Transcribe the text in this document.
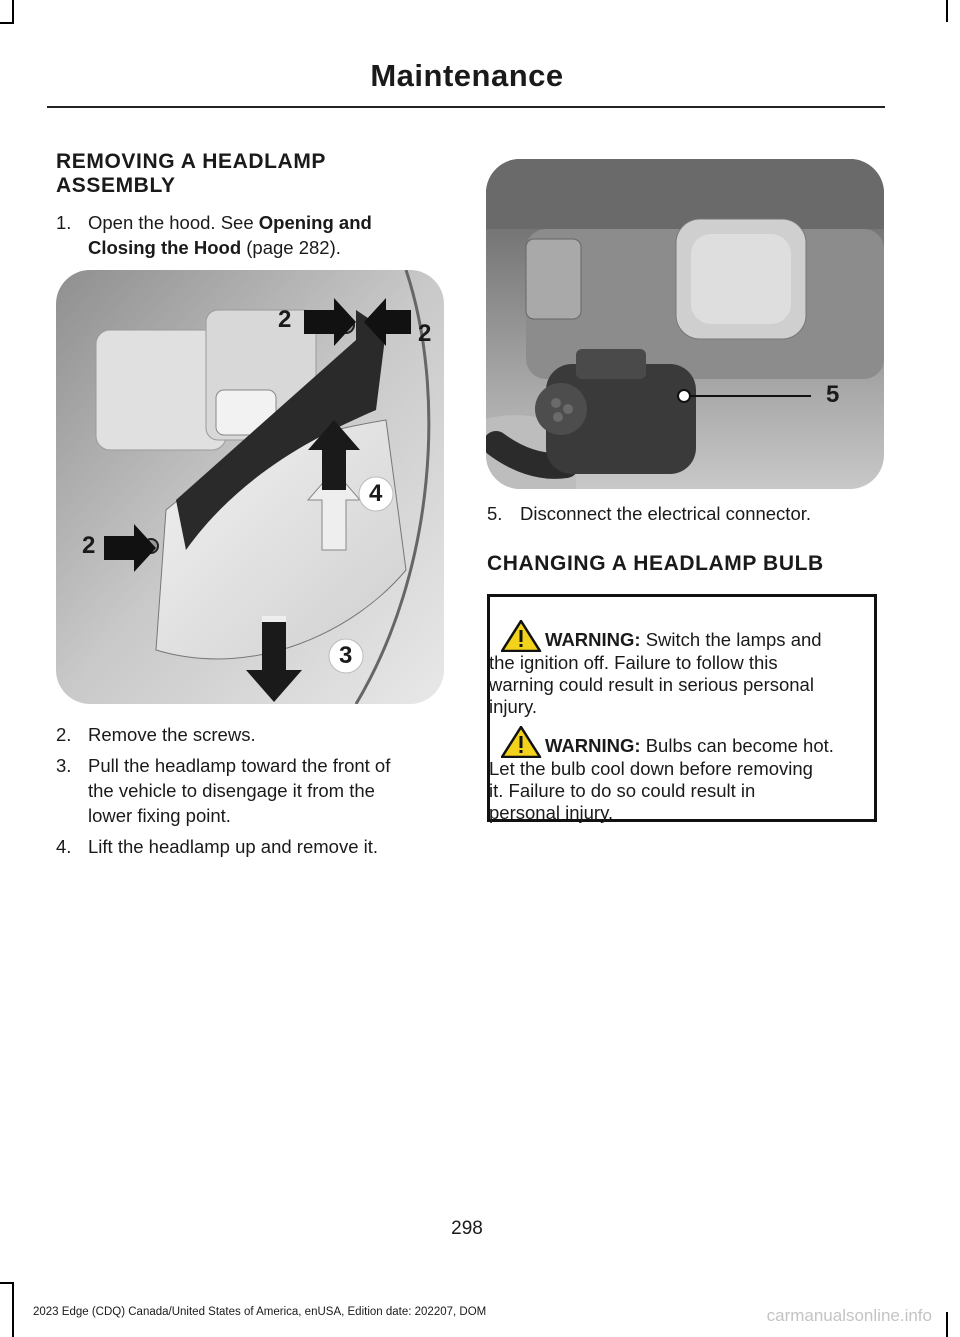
Maintenance
REMOVING A HEADLAMP
ASSEMBLY
1. Open the hood. See Opening and
Closing the Hood (page 282).
2
2
2
4
3
2. Remove the screws.
3. Pull the headlamp toward the front of
the vehicle to disengage it from the
lower fixing point.
4. Lift the headlamp up and remove it.
5
5. Disconnect the electrical connector.
CHANGING A HEADLAMP BULB
WARNING: Switch the lamps and
the ignition off. Failure to follow this
warning could result in serious personal
injury.
WARNING: Bulbs can become hot.
Let the bulb cool down before removing
it. Failure to do so could result in
personal injury.
298
2023 Edge (CDQ) Canada/United States of America, enUSA, Edition date: 202207, DOM	carmanualsonline.info
